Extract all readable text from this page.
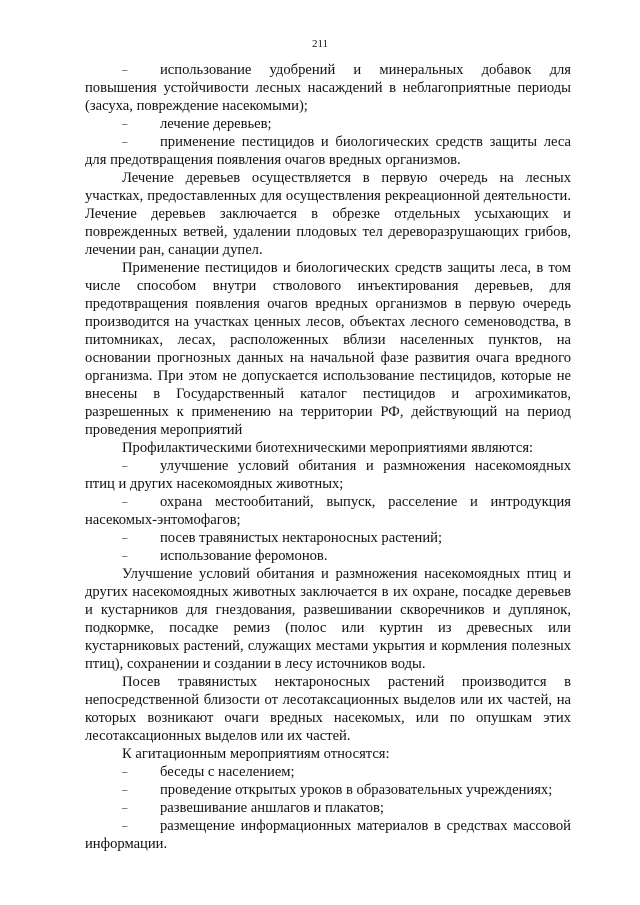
211

– использование удобрений и минеральных добавок для повышения устойчивости лесных насаждений в неблагоприятные периоды (засуха, повреждение насекомыми);

– лечение деревьев;

– применение пестицидов и биологических средств защиты леса для предотвращения появления очагов вредных организмов.

Лечение деревьев осуществляется в первую очередь на лесных участках, предоставленных для осуществления рекреационной деятельности. Лечение деревьев заключается в обрезке отдельных усыхающих и поврежденных ветвей, удалении плодовых тел дереворазрушающих грибов, лечении ран, санации дупел.

Применение пестицидов и биологических средств защиты леса, в том числе способом внутри стволового инъектирования деревьев, для предотвращения появления очагов вредных организмов в первую очередь производится на участках ценных лесов, объектах лесного семеноводства, в питомниках, лесах, расположенных вблизи населенных пунктов, на основании прогнозных данных на начальной фазе развития очага вредного организма. При этом не допускается использование пестицидов, которые не внесены в Государственный каталог пестицидов и агрохимикатов, разрешенных к применению на территории РФ, действующий на период проведения мероприятий

Профилактическими биотехническими мероприятиями являются:

– улучшение условий обитания и размножения насекомоядных птиц и других насекомоядных животных;

– охрана местообитаний, выпуск, расселение и интродукция насекомых-энтомофагов;

– посев травянистых нектароносных растений;

– использование феромонов.

Улучшение условий обитания и размножения насекомоядных птиц и других насекомоядных животных заключается в их охране, посадке деревьев и кустарников для гнездования, развешивании скворечников и дуплянок, подкормке, посадке ремиз (полос или куртин из древесных или кустарниковых растений, служащих местами укрытия и кормления полезных птиц), сохранении и создании в лесу источников воды.

Посев травянистых нектароносных растений производится в непосредственной близости от лесотаксационных выделов или их частей, на которых возникают очаги вредных насекомых, или по опушкам этих лесотаксационных выделов или их частей.

К агитационным мероприятиям относятся:

– беседы с населением;

– проведение открытых уроков в образовательных учреждениях;

– развешивание аншлагов и плакатов;

– размещение информационных материалов в средствах массовой информации.
